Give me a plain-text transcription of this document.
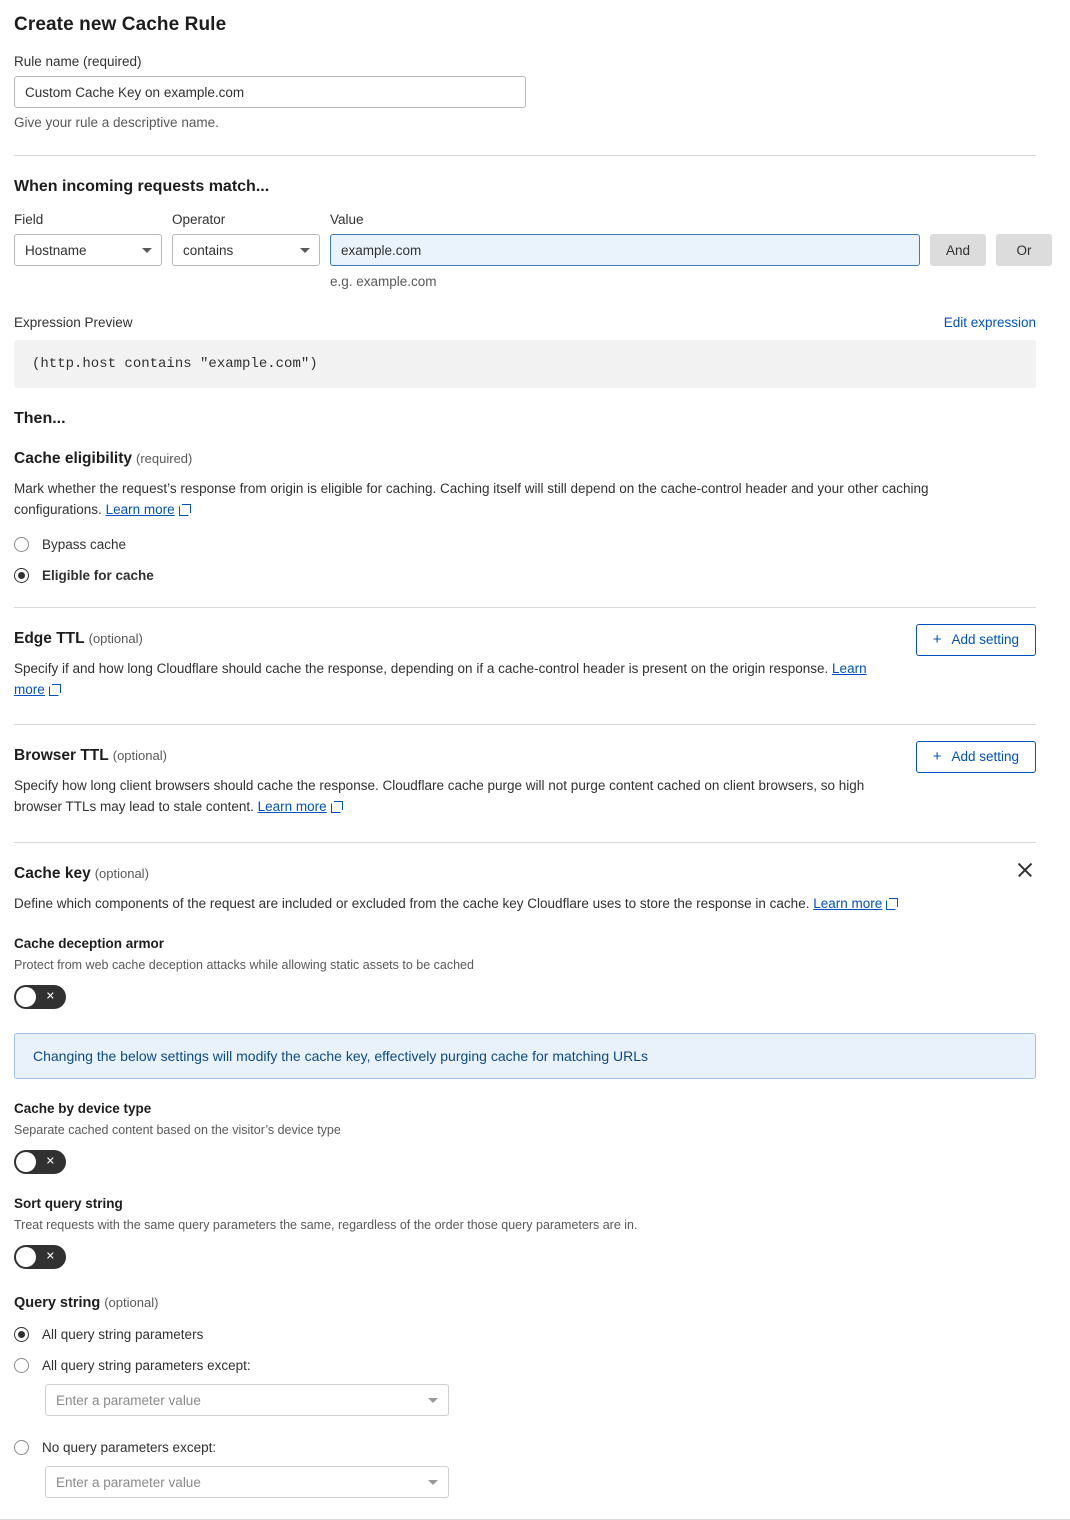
Create new Cache Rule
Rule name (required)
Custom Cache Key on example.com
Give your rule a descriptive name.
When incoming requests match...
Field
Hostname
Operator
contains
Value
example.com
e.g. example.com

And
	Or
Expression Preview	Edit expression
(http.host contains "example.com")
Then...
Cache eligibility (required)
Mark whether the request’s response from origin is eligible for caching. Caching itself will still depend on the cache-control header and your other caching configurations. Learn more
Bypass cache
Eligible for cache
+ Add setting
Edge TTL (optional)
Specify if and how long Cloudflare should cache the response, depending on if a cache-control header is present on the origin response. Learn more
+ Add setting
Browser TTL (optional)
Specify how long client browsers should cache the response. Cloudflare cache purge will not purge content cached on client browsers, so high browser TTLs may lead to stale content. Learn more
Cache key (optional)
Define which components of the request are included or excluded from the cache key Cloudflare uses to store the response in cache. Learn more
Cache deception armor
Protect from web cache deception attacks while allowing static assets to be cached
✕
Changing the below settings will modify the cache key, effectively purging cache for matching URLs
Cache by device type
Separate cached content based on the visitor’s device type
✕
Sort query string
Treat requests with the same query parameters the same, regardless of the order those query parameters are in.
✕
Query string (optional)
All query string parameters
All query string parameters except:
Enter a parameter value
No query parameters except:
Enter a parameter value
